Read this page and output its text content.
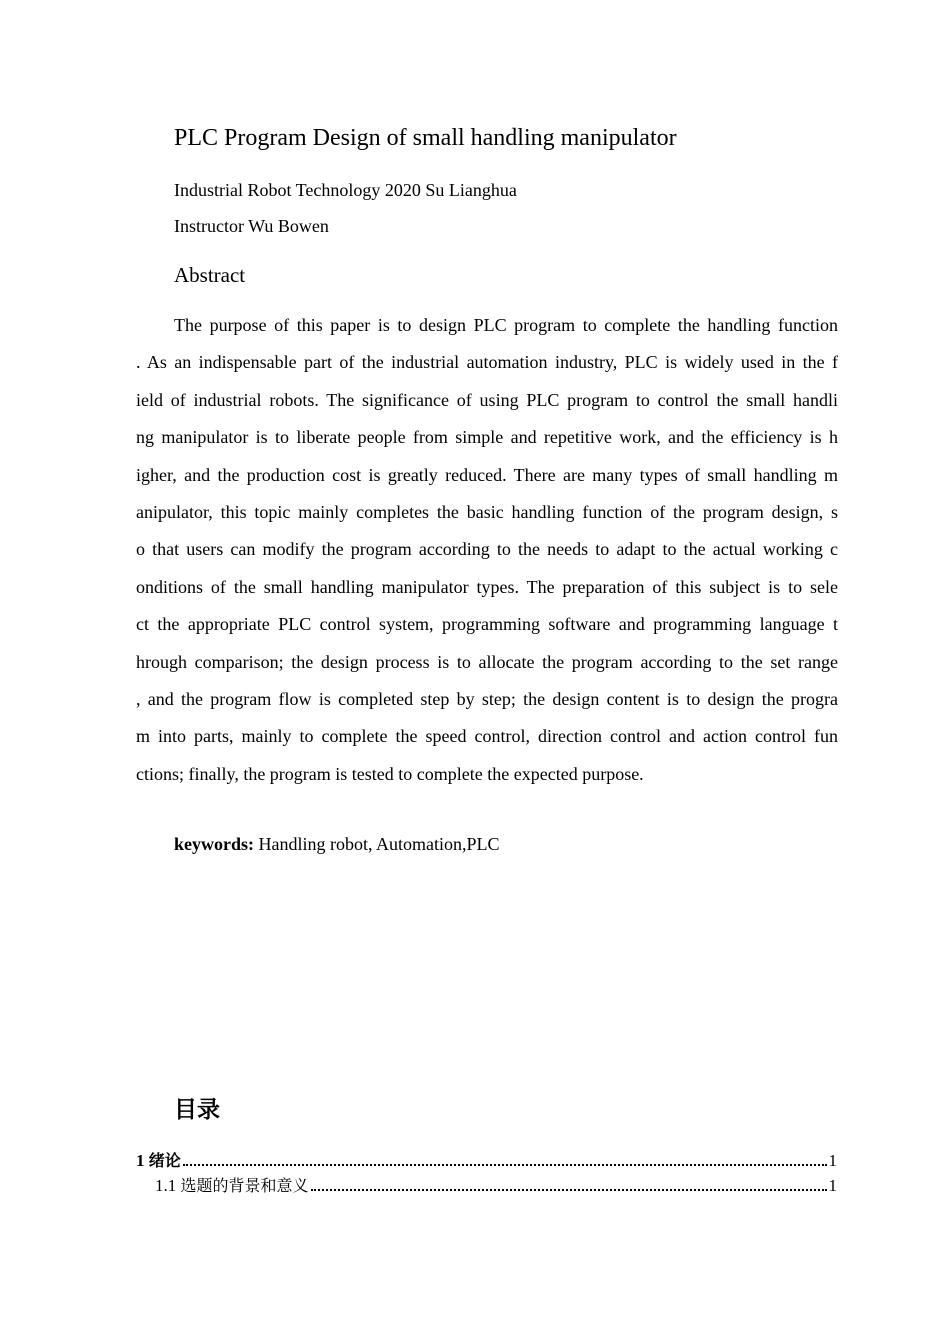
PLC Program Design of small handling manipulator
Industrial Robot Technology 2020 Su Lianghua
Instructor Wu Bowen
Abstract
The purpose of this paper is to design PLC program to complete the handling function
. As an indispensable part of the industrial automation industry, PLC is widely used in the f
ield of industrial robots. The significance of using PLC program to control the small handli
ng manipulator is to liberate people from simple and repetitive work, and the efficiency is h
igher, and the production cost is greatly reduced. There are many types of small handling m
anipulator, this topic mainly completes the basic handling function of the program design, s
o that users can modify the program according to the needs to adapt to the actual working c
onditions of the small handling manipulator types. The preparation of this subject is to sele
ct the appropriate PLC control system, programming software and programming language t
hrough comparison; the design process is to allocate the program according to the set range
, and the program flow is completed step by step; the design content is to design the progra
m into parts, mainly to complete the speed control, direction control and action control fun
ctions; finally, the program is tested to complete the expected purpose.
keywords: Handling robot, Automation,PLC
目录
1 绪论	1
1.1 选题的背景和意义	1
